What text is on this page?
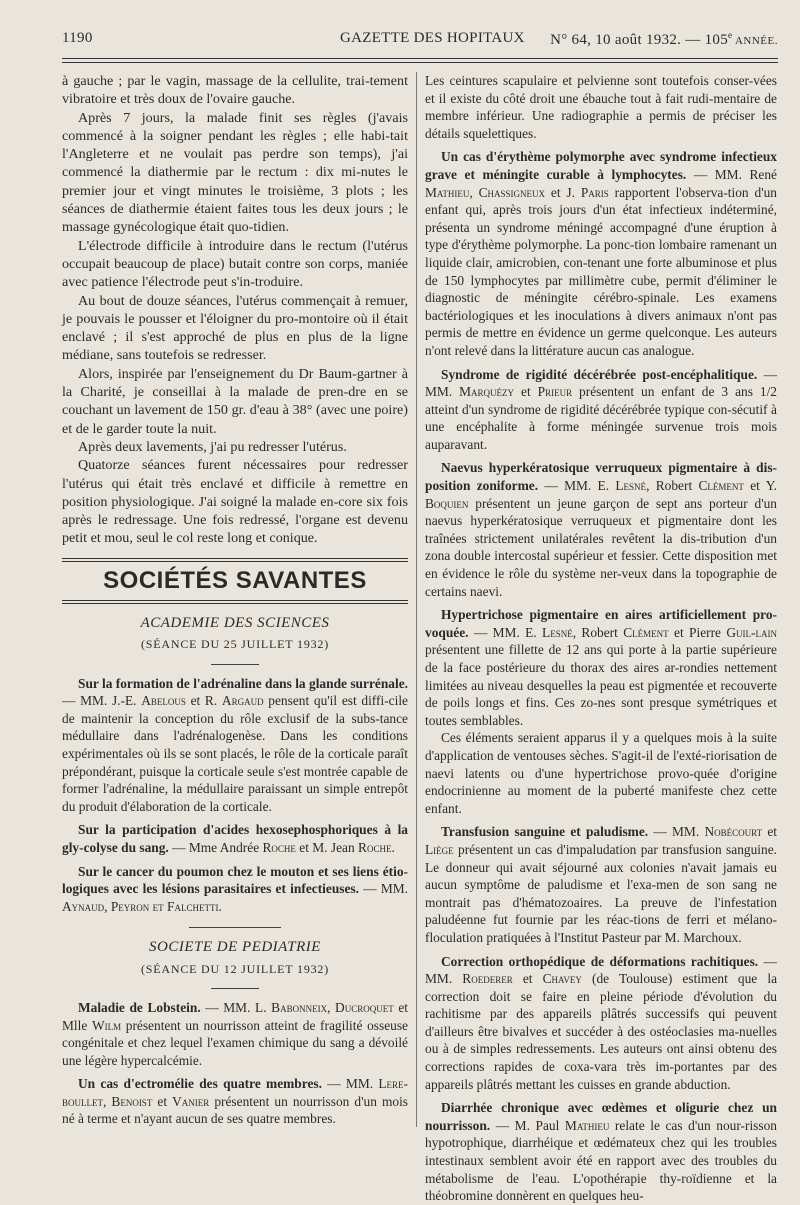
1190	GAZETTE DES HOPITAUX N° 64, 10 août 1932. — 105e ANNÉE.

à gauche ; par le vagin, massage de la cellulite, trai-tement vibratoire et très doux de l'ovaire gauche.

Après 7 jours, la malade finit ses règles (j'avais commencé à la soigner pendant les règles ; elle habi-tait l'Angleterre et ne voulait pas perdre son temps), j'ai commencé la diathermie par le rectum : dix mi-nutes le premier jour et vingt minutes le troisième, 3 plots ; les séances de diathermie étaient faites tous les deux jours ; le massage gynécologique était quo-tidien.

L'électrode difficile à introduire dans le rectum (l'utérus occupait beaucoup de place) butait contre son corps, maniée avec patience l'électrode peut s'in-troduire.

Au bout de douze séances, l'utérus commençait à remuer, je pouvais le pousser et l'éloigner du pro-montoire où il était enclavé ; il s'est approché de plus en plus de la ligne médiane, sans toutefois se redresser.

Alors, inspirée par l'enseignement du Dr Baum-gartner à la Charité, je conseillai à la malade de pren-dre en se couchant un lavement de 150 gr. d'eau à 38° (avec une poire) et de le garder toute la nuit.

Après deux lavements, j'ai pu redresser l'utérus.

Quatorze séances furent nécessaires pour redresser l'utérus qui était très enclavé et difficile à remettre en position physiologique. J'ai soigné la malade en-core six fois après le redressage. Une fois redressé, l'organe est devenu petit et mou, seul le col reste long et conique.

SOCIÉTÉS SAVANTES
ACADEMIE DES SCIENCES
(SÉANCE DU 25 JUILLET 1932)

Sur la formation de l'adrénaline dans la glande surrénale. — MM. J.-E. Abelous et R. Argaud pensent qu'il est diffi-cile de maintenir la conception du rôle exclusif de la subs-tance médullaire dans l'adrénalogenèse. Dans les conditions expérimentales où ils se sont placés, le rôle de la corticale paraît prépondérant, puisque la corticale seule s'est montrée capable de former l'adrénaline, la médullaire paraissant un simple entrepôt du produit d'élaboration de la corticale.

Sur la participation d'acides hexosephosphoriques à la gly-colyse du sang. — Mme Andrée Roche et M. Jean Roche.

Sur le cancer du poumon chez le mouton et ses liens étio-logiques avec les lésions parasitaires et infectieuses. — MM. Aynaud, Peyron et Falchetti.

SOCIETE DE PEDIATRIE
(SÉANCE DU 12 JUILLET 1932)

Maladie de Lobstein. — MM. L. Babonneix, Ducroquet et Mlle Wilm présentent un nourrisson atteint de fragilité osseuse congénitale et chez lequel l'examen chimique du sang a dévoilé une légère hypercalcémie.

Un cas d'ectromélie des quatre membres. — MM. Lere-boullet, Benoist et Vanier présentent un nourrisson d'un mois né à terme et n'ayant aucun de ses quatre membres.

Les ceintures scapulaire et pelvienne sont toutefois conser-vées et il existe du côté droit une ébauche tout à fait rudi-mentaire de membre inférieur. Une radiographie a permis de préciser les détails squelettiques.

Un cas d'érythème polymorphe avec syndrome infectieux grave et méningite curable à lymphocytes. — MM. René Mathieu, Chassigneux et J. Paris rapportent l'observa-tion d'un enfant qui, après trois jours d'un état infectieux indéterminé, présenta un syndrome méningé accompagné d'une éruption à type d'érythème polymorphe. La ponc-tion lombaire ramenant un liquide clair, amicrobien, con-tenant une forte albuminose et plus de 150 lymphocytes par millimètre cube, permit d'éliminer le diagnostic de méningite cérébro-spinale. Les examens bactériologiques et les inoculations à divers animaux n'ont pas permis de mettre en évidence un germe quelconque. Les auteurs n'ont relevé dans la littérature aucun cas analogue.

Syndrome de rigidité décérébrée post-encéphalitique. — MM. Marquézy et Prieur présentent un enfant de 3 ans 1/2 atteint d'un syndrome de rigidité décérébrée typique con-sécutif à une encéphalite à forme méningée survenue trois mois auparavant.

Naevus hyperkératosique verruqueux pigmentaire à dis-position zoniforme. — MM. E. Lesné, Robert Clément et Y. Boquien présentent un jeune garçon de sept ans porteur d'un naevus hyperkératosique verruqueux et pigmentaire dont les traînées strictement unilatérales revêtent la dis-tribution d'un zona double intercostal supérieur et fessier. Cette disposition met en évidence le rôle du système ner-veux dans la topographie de certains naevi.

Hypertrichose pigmentaire en aires artificiellement pro-voquée. — MM. E. Lesné, Robert Clément et Pierre Guil-lain présentent une fillette de 12 ans qui porte à la partie supérieure de la face postérieure du thorax des aires ar-rondies nettement limitées au niveau desquelles la peau est pigmentée et recouverte de poils longs et fins. Ces zo-nes sont presque symétriques et toutes semblables.

Ces éléments seraient apparus il y a quelques mois à la suite d'application de ventouses sèches. S'agit-il de l'exté-riorisation de naevi latents ou d'une hypertrichose provo-quée d'origine endocrinienne au moment de la puberté manifeste chez cette enfant.

Transfusion sanguine et paludisme. — MM. Nobécourt et Liège présentent un cas d'impaludation par transfusion sanguine. Le donneur qui avait séjourné aux colonies n'avait jamais eu aucun symptôme de paludisme et l'exa-men de son sang ne montrait pas d'hématozoaires. La preuve de l'infestation paludéenne fut fournie par les réac-tions de ferri et mélano-floculation pratiquées à l'Institut Pasteur par M. Marchoux.

Correction orthopédique de déformations rachitiques. — MM. Roederer et Chavey (de Toulouse) estiment que la correction doit se faire en pleine période d'évolution du rachitisme par des appareils plâtrés successifs qui peuvent d'ailleurs être bivalves et succéder à des ostéoclasies ma-nuelles ou à de simples redressements. Les auteurs ont ainsi obtenu des corrections rapides de coxa-vara très im-portantes par des appareils plâtrés mettant les cuisses en grande abduction.

Diarrhée chronique avec œdèmes et oligurie chez un nourrisson. — M. Paul Mathieu relate le cas d'un nour-risson hypotrophique, diarrhéique et œdémateux chez qui les troubles intestinaux semblent avoir été en rapport avec des troubles du métabolisme de l'eau. L'opothérapie thy-roïdienne et la théobromine donnèrent en quelques heu-
